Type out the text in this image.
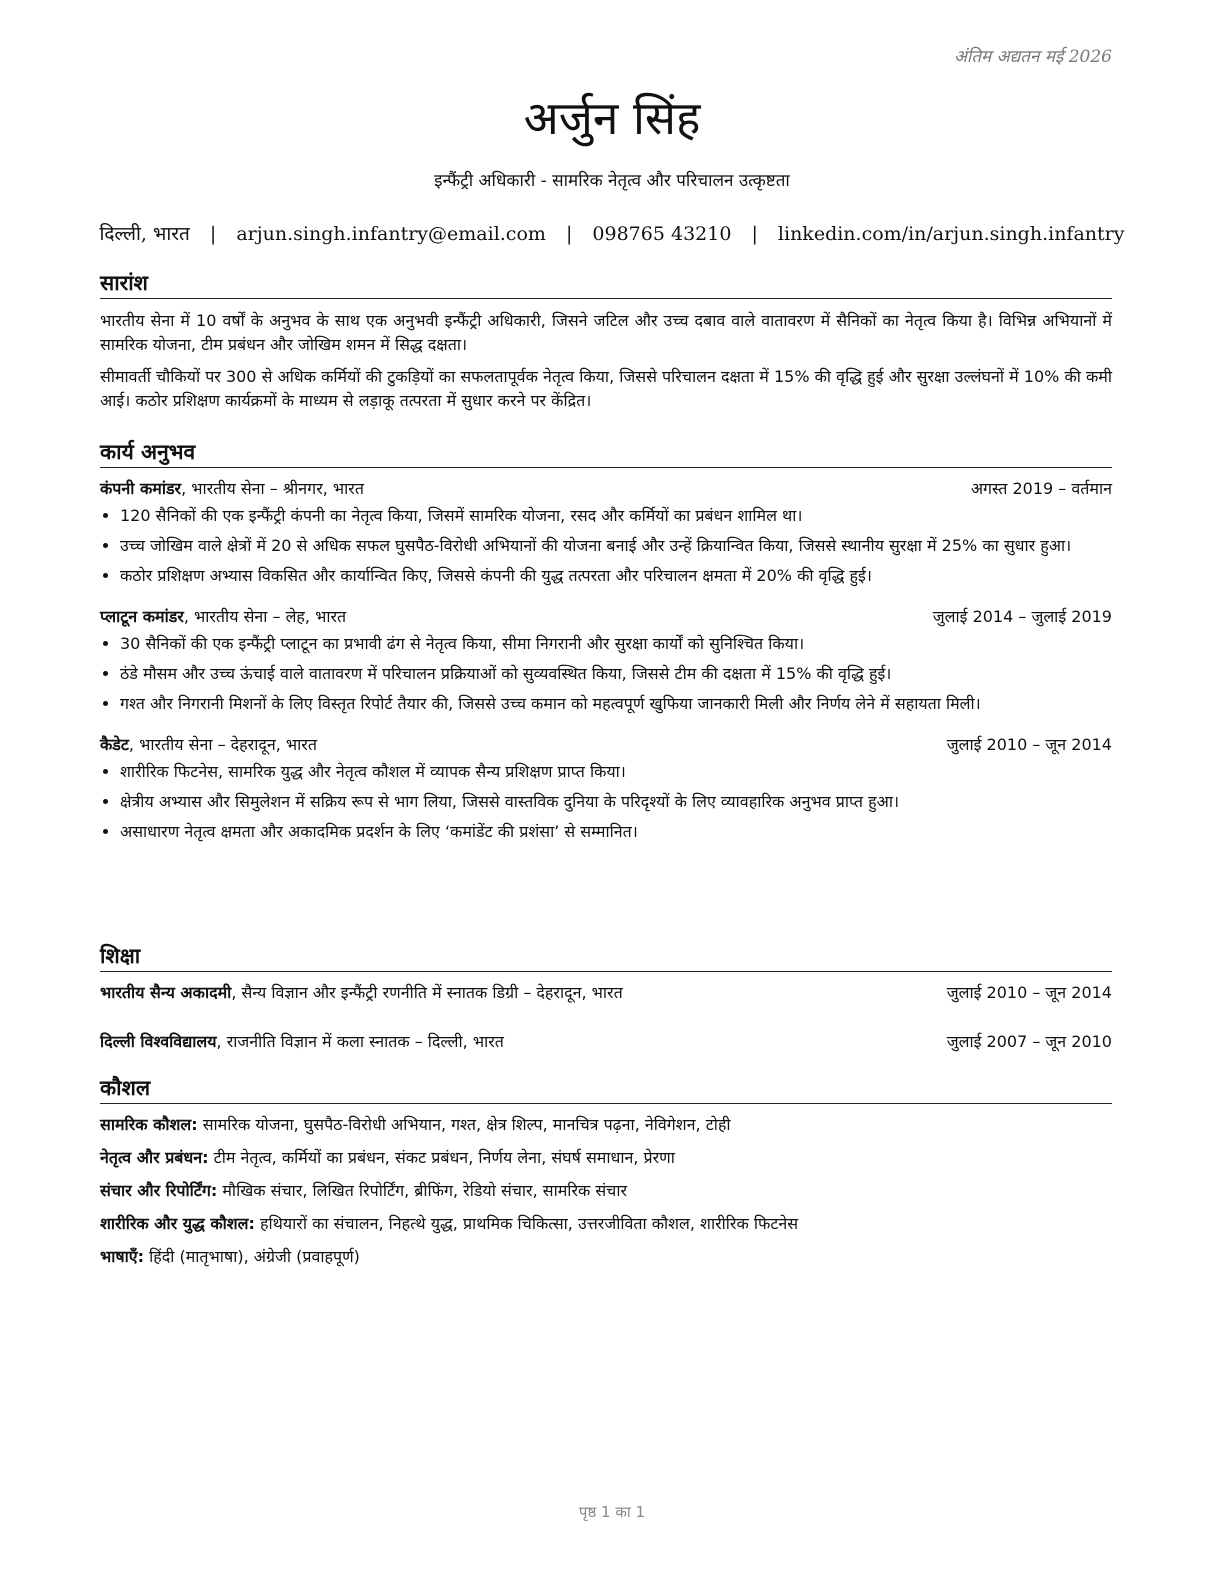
अंतिम अद्यतन मई 2026
अर्जुन सिंह
इन्फैंट्री अधिकारी - सामरिक नेतृत्व और परिचालन उत्कृष्टता
दिल्ली, भारत | arjun.singh.infantry@email.com | 098765 43210 | linkedin.com/in/arjun.singh.infantry
सारांश

भारतीय सेना में 10 वर्षों के अनुभव के साथ एक अनुभवी इन्फैंट्री अधिकारी, जिसने जटिल और उच्च दबाव वाले वातावरण में सैनिकों का नेतृत्व किया है। विभिन्न अभियानों में सामरिक योजना, टीम प्रबंधन और जोखिम शमन में सिद्ध दक्षता।

सीमावर्ती चौकियों पर 300 से अधिक कर्मियों की टुकड़ियों का सफलतापूर्वक नेतृत्व किया, जिससे परिचालन दक्षता में 15% की वृद्धि हुई और सुरक्षा उल्लंघनों में 10% की कमी आई। कठोर प्रशिक्षण कार्यक्रमों के माध्यम से लड़ाकू तत्परता में सुधार करने पर केंद्रित।

कार्य अनुभव
कंपनी कमांडर, भारतीय सेना – श्रीनगर, भारत	अगस्त 2019 – वर्तमान
• 120 सैनिकों की एक इन्फैंट्री कंपनी का नेतृत्व किया, जिसमें सामरिक योजना, रसद और कर्मियों का प्रबंधन शामिल था।
• उच्च जोखिम वाले क्षेत्रों में 20 से अधिक सफल घुसपैठ-विरोधी अभियानों की योजना बनाई और उन्हें क्रियान्वित किया, जिससे स्थानीय सुरक्षा में 25% का सुधार हुआ।
• कठोर प्रशिक्षण अभ्यास विकसित और कार्यान्वित किए, जिससे कंपनी की युद्ध तत्परता और परिचालन क्षमता में 20% की वृद्धि हुई।
प्लाटून कमांडर, भारतीय सेना – लेह, भारत	जुलाई 2014 – जुलाई 2019
• 30 सैनिकों की एक इन्फैंट्री प्लाटून का प्रभावी ढंग से नेतृत्व किया, सीमा निगरानी और सुरक्षा कार्यों को सुनिश्चित किया।
• ठंडे मौसम और उच्च ऊंचाई वाले वातावरण में परिचालन प्रक्रियाओं को सुव्यवस्थित किया, जिससे टीम की दक्षता में 15% की वृद्धि हुई।
• गश्त और निगरानी मिशनों के लिए विस्तृत रिपोर्ट तैयार की, जिससे उच्च कमान को महत्वपूर्ण खुफिया जानकारी मिली और निर्णय लेने में सहायता मिली।
कैडेट, भारतीय सेना – देहरादून, भारत	जुलाई 2010 – जून 2014
• शारीरिक फिटनेस, सामरिक युद्ध और नेतृत्व कौशल में व्यापक सैन्य प्रशिक्षण प्राप्त किया।
• क्षेत्रीय अभ्यास और सिमुलेशन में सक्रिय रूप से भाग लिया, जिससे वास्तविक दुनिया के परिदृश्यों के लिए व्यावहारिक अनुभव प्राप्त हुआ।
• असाधारण नेतृत्व क्षमता और अकादमिक प्रदर्शन के लिए ‘कमांडेंट की प्रशंसा’ से सम्मानित।
शिक्षा
भारतीय सैन्य अकादमी, सैन्य विज्ञान और इन्फैंट्री रणनीति में स्नातक डिग्री – देहरादून, भारत	जुलाई 2010 – जून 2014
दिल्ली विश्वविद्यालय, राजनीति विज्ञान में कला स्नातक – दिल्ली, भारत	जुलाई 2007 – जून 2010
कौशल
सामरिक कौशल: सामरिक योजना, घुसपैठ-विरोधी अभियान, गश्त, क्षेत्र शिल्प, मानचित्र पढ़ना, नेविगेशन, टोही
नेतृत्व और प्रबंधन: टीम नेतृत्व, कर्मियों का प्रबंधन, संकट प्रबंधन, निर्णय लेना, संघर्ष समाधान, प्रेरणा
संचार और रिपोर्टिंग: मौखिक संचार, लिखित रिपोर्टिंग, ब्रीफिंग, रेडियो संचार, सामरिक संचार
शारीरिक और युद्ध कौशल: हथियारों का संचालन, निहत्थे युद्ध, प्राथमिक चिकित्सा, उत्तरजीविता कौशल, शारीरिक फिटनेस
भाषाएँ: हिंदी (मातृभाषा), अंग्रेजी (प्रवाहपूर्ण)
पृष्ठ 1 का 1
